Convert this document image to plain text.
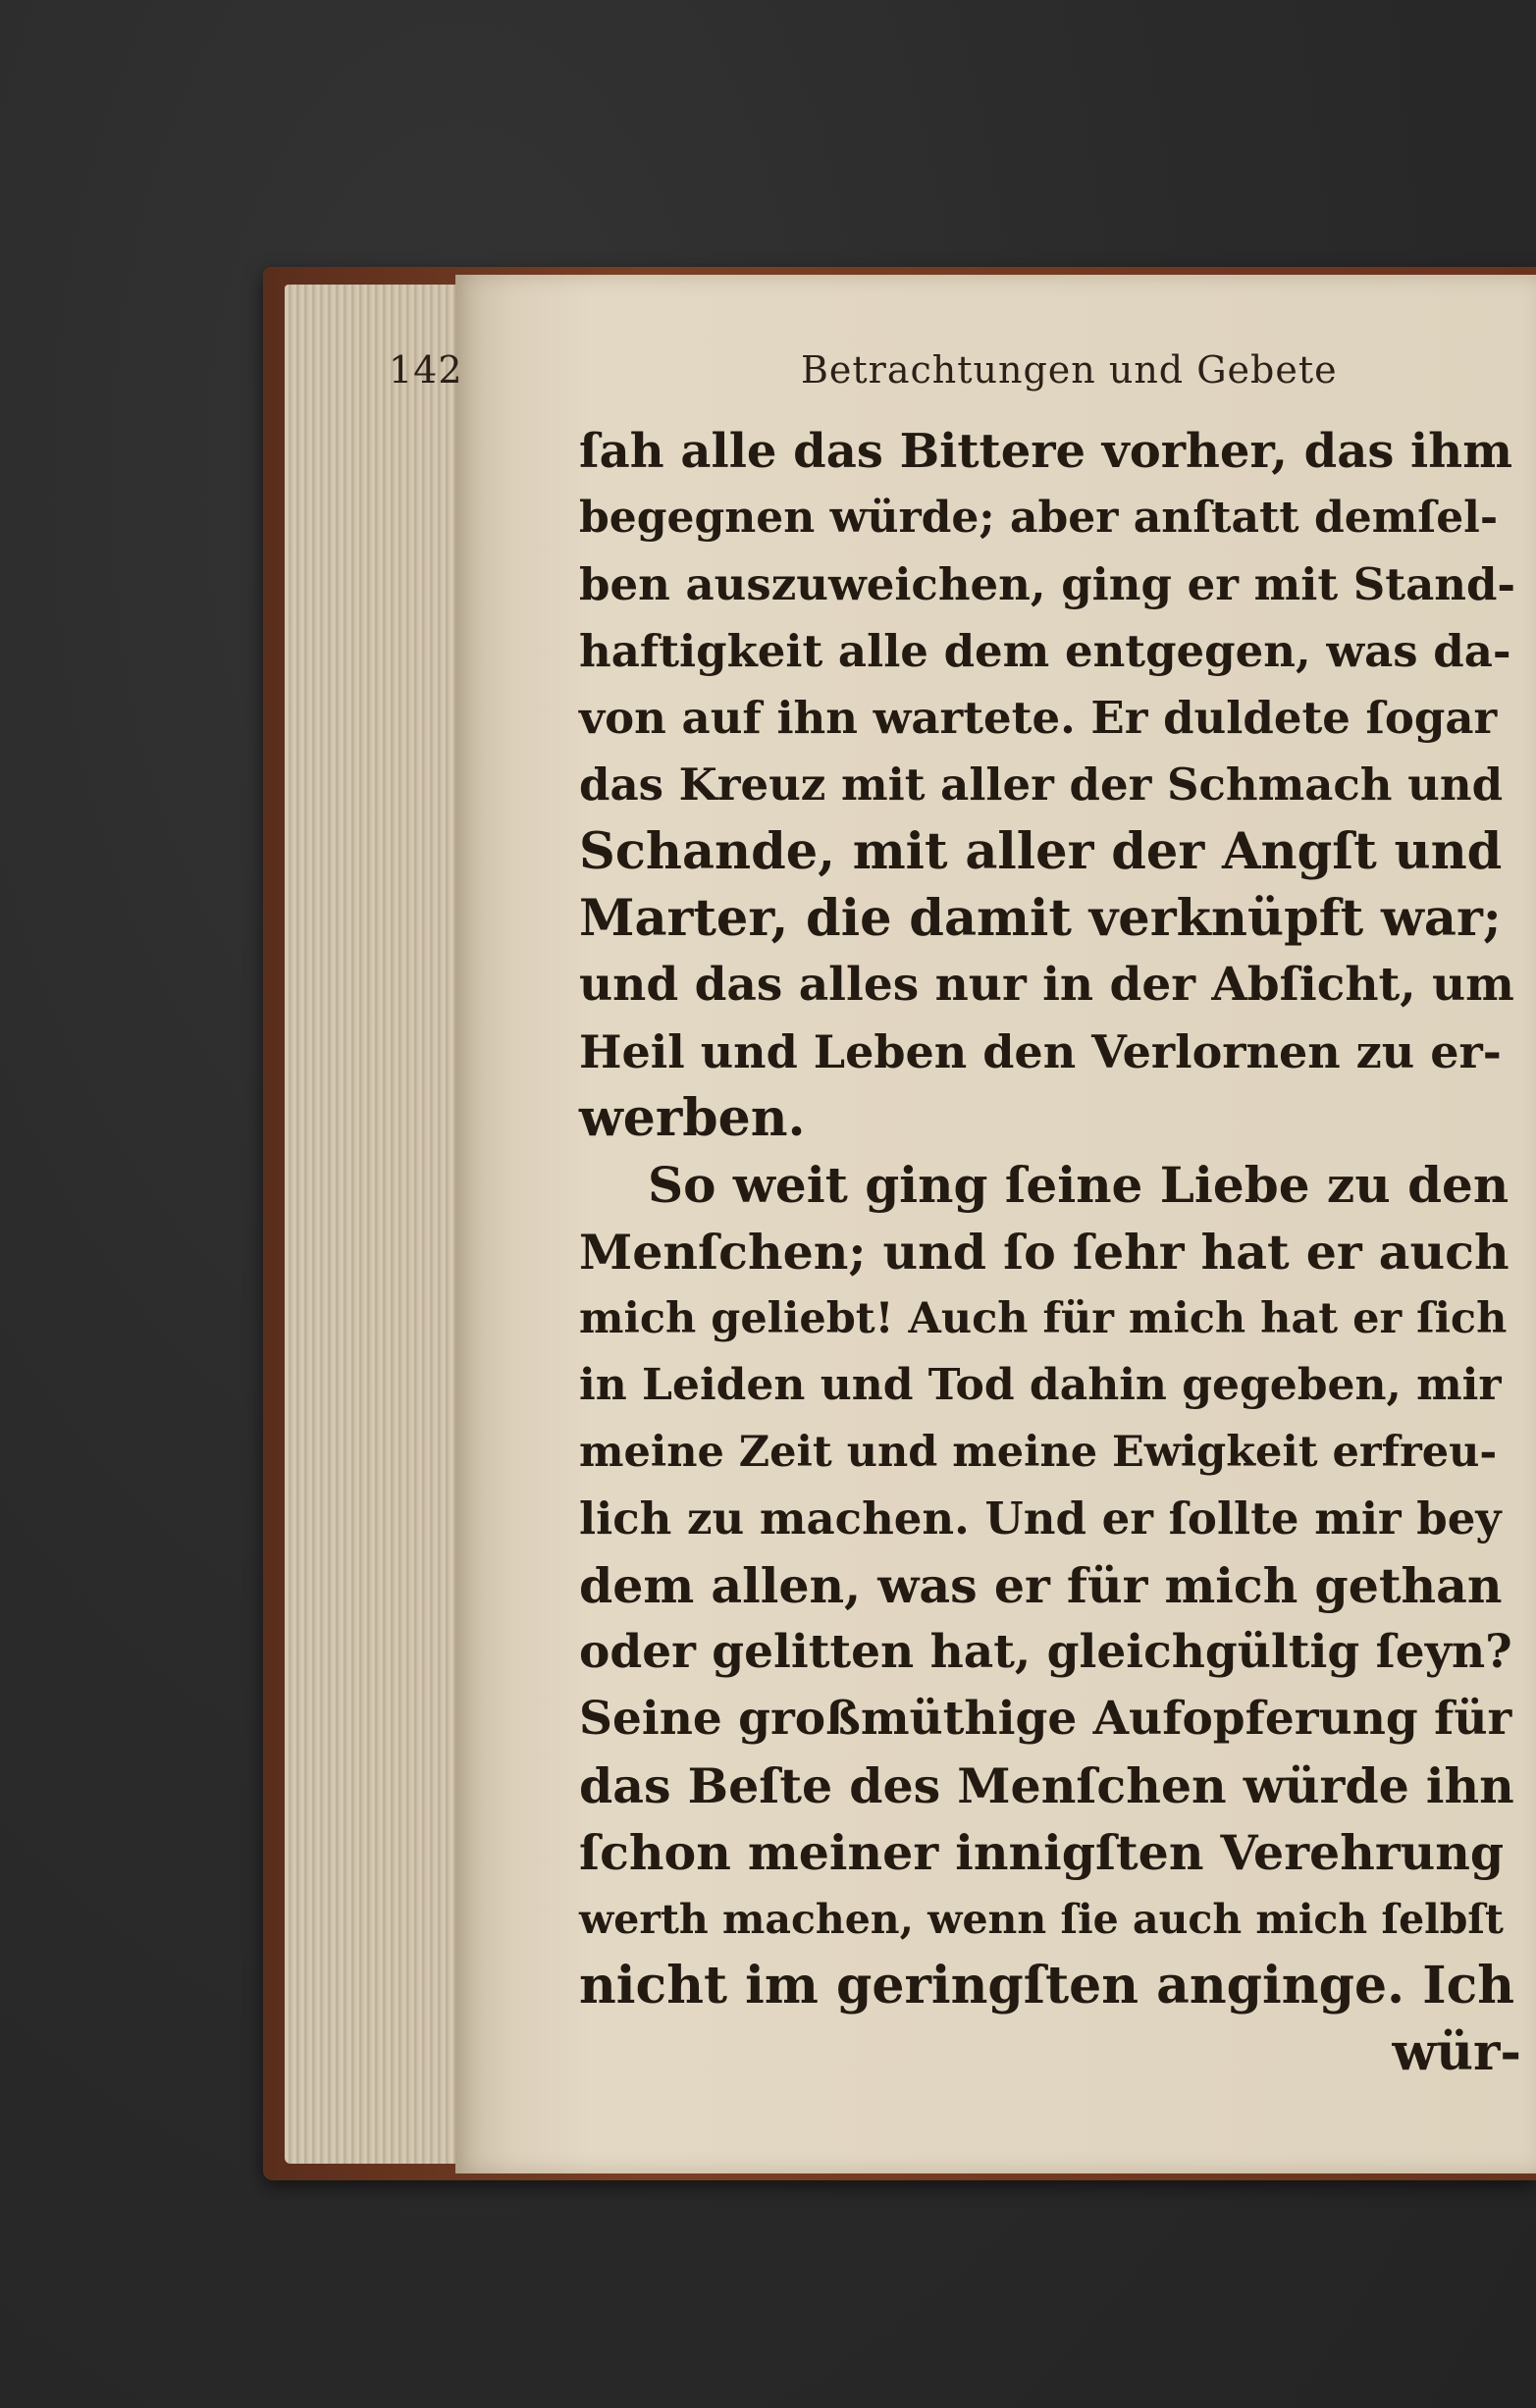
142	Betrachtungen und Gebete
ſah alle das Bittere vorher, das ihm
begegnen würde; aber anſtatt demſel-
ben auszuweichen, ging er mit Stand-
haftigkeit alle dem entgegen, was da-
von auf ihn wartete. Er duldete ſogar
das Kreuz mit aller der Schmach und
Schande, mit aller der Angſt und
Marter, die damit verknüpft war;
und das alles nur in der Abſicht, um
Heil und Leben den Verlornen zu er-
werben.
So weit ging ſeine Liebe zu den
Menſchen; und ſo ſehr hat er auch
mich geliebt! Auch für mich hat er ſich
in Leiden und Tod dahin gegeben, mir
meine Zeit und meine Ewigkeit erfreu-
lich zu machen. Und er ſollte mir bey
dem allen, was er für mich gethan
oder gelitten hat, gleichgültig ſeyn?
Seine großmüthige Aufopferung für
das Beſte des Menſchen würde ihn
ſchon meiner innigſten Verehrung
werth machen, wenn ſie auch mich ſelbſt
nicht im geringſten anginge. Ich
wür-
